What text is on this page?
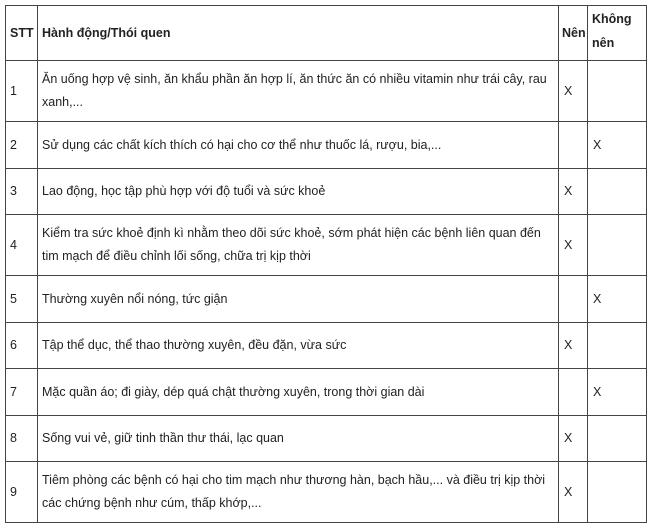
STT	Hành động/Thói quen	Nên	Không nên
1	Ăn uống hợp vệ sinh, ăn khẩu phần ăn hợp lí, ăn thức ăn có nhiều vitamin như trái cây, rau xanh,...	X	
2	Sử dụng các chất kích thích có hại cho cơ thể như thuốc lá, rượu, bia,...		X
3	Lao động, học tập phù hợp với độ tuổi và sức khoẻ	X	
4	Kiểm tra sức khoẻ định kì nhằm theo dõi sức khoẻ, sớm phát hiện các bệnh liên quan đến tim mạch để điều chỉnh lối sống, chữa trị kịp thời	X	
5	Thường xuyên nổi nóng, tức giận		X
6	Tập thể dục, thể thao thường xuyên, đều đặn, vừa sức	X	
7	Mặc quần áo; đi giày, dép quá chật thường xuyên, trong thời gian dài		X
8	Sống vui vẻ, giữ tinh thần thư thái, lạc quan	X	
9	Tiêm phòng các bệnh có hại cho tim mạch như thương hàn, bạch hầu,... và điều trị kịp thời các chứng bệnh như cúm, thấp khớp,...	X	
